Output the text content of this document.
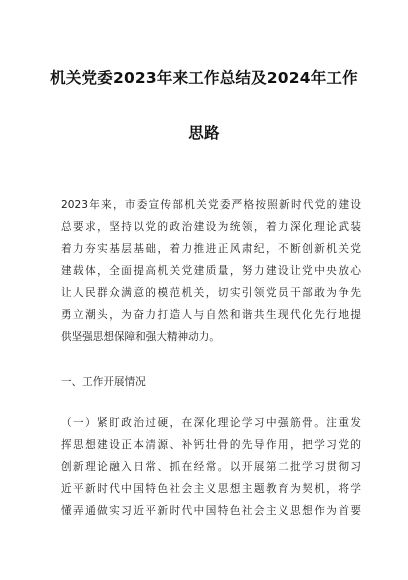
机关党委2023年来工作总结及2024年工作
思路
2023年来，市委宣传部机关党委严格按照新时代党的建设
总要求，坚持以党的政治建设为统领，着力深化理论武装
着力夯实基层基础，着力推进正风肃纪，不断创新机关党
建载体，全面提高机关党建质量，努力建设让党中央放心
让人民群众满意的模范机关，切实引领党员干部敢为争先
勇立潮头，为奋力打造人与自然和谐共生现代化先行地提
供坚强思想保障和强大精神动力。
一、工作开展情况
（一）紧盯政治过硬，在深化理论学习中强筋骨。注重发
挥思想建设正本清源、补钙壮骨的先导作用，把学习党的
创新理论融入日常、抓在经常。以开展第二批学习贯彻习
近平新时代中国特色社会主义思想主题教育为契机，将学
懂弄通做实习近平新时代中国特色社会主义思想作为首要
